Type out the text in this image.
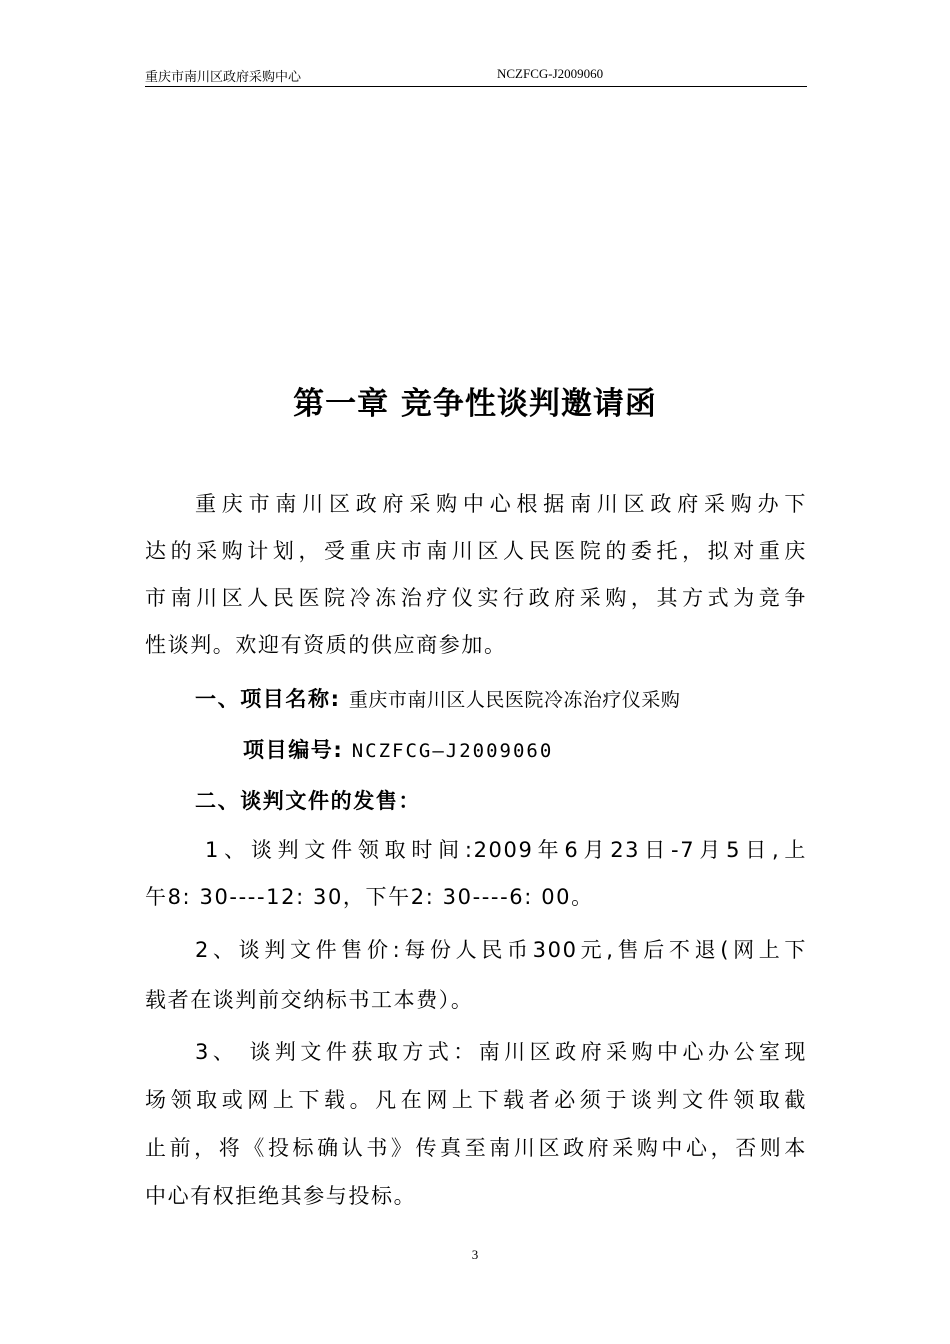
重庆市南川区政府采购中心	NCZFCG-J2009060
第一章 竞争性谈判邀请函
重庆市南川区政府采购中心根据南川区政府采购办下
达的采购计划，受重庆市南川区人民医院的委托，拟对重庆
市南川区人民医院冷冻治疗仪实行政府采购，其方式为竞争
性谈判。欢迎有资质的供应商参加。
一、项目名称: 重庆市南川区人民医院冷冻治疗仪采购
项目编号: NCZFCG—J2009060
二、谈判文件的发售：
1、谈判文件领取时间:2009年6月23日-7月5日,上
午8: 30----12: 30，下午2: 30----6: 00。
2、谈判文件售价:每份人民币300元,售后不退(网上下
载者在谈判前交纳标书工本费）。
3、 谈判文件获取方式：南川区政府采购中心办公室现
场领取或网上下载。凡在网上下载者必须于谈判文件领取截
止前，将《投标确认书》传真至南川区政府采购中心，否则本
中心有权拒绝其参与投标。
3
